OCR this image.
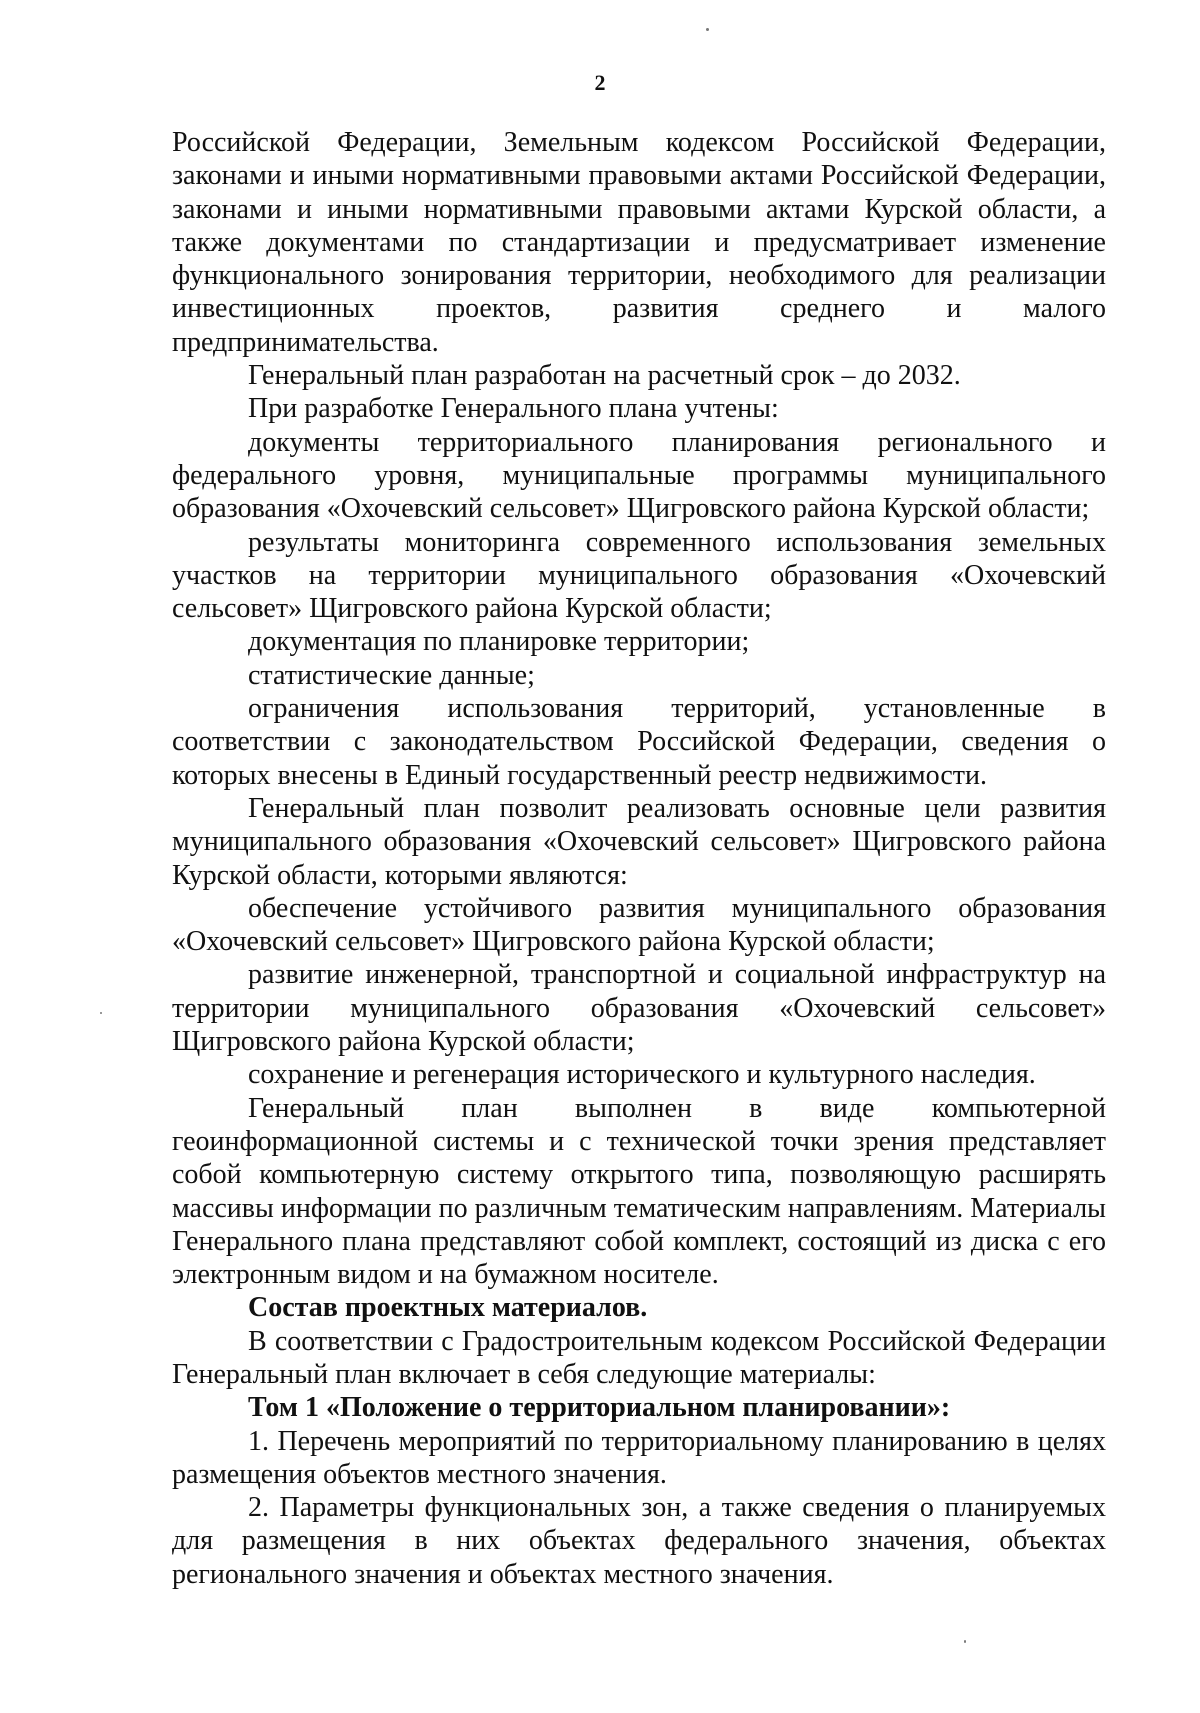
2

Российской Федерации, Земельным кодексом Российской Федерации, законами и иными нормативными правовыми актами Российской Федерации, законами и иными нормативными правовыми актами Курской области, а также документами по стандартизации и предусматривает изменение функционального зонирования территории, необходимого для реализации инвестиционных проектов, развития среднего и малого предпринимательства.

Генеральный план разработан на расчетный срок – до 2032.

При разработке Генерального плана учтены:

документы территориального планирования регионального и федерального уровня, муниципальные программы муниципального образования «Охочевский сельсовет» Щигровского района Курской области;

результаты мониторинга современного использования земельных участков на территории муниципального образования «Охочевский сельсовет» Щигровского района Курской области;

документация по планировке территории;

статистические данные;

ограничения использования территорий, установленные в соответствии с законодательством Российской Федерации, сведения о которых внесены в Единый государственный реестр недвижимости.

Генеральный план позволит реализовать основные цели развития муниципального образования «Охочевский сельсовет» Щигровского района Курской области, которыми являются:

обеспечение устойчивого развития муниципального образования «Охочевский сельсовет» Щигровского района Курской области;

развитие инженерной, транспортной и социальной инфраструктур на территории муниципального образования «Охочевский сельсовет» Щигровского района Курской области;

сохранение и регенерация исторического и культурного наследия.

Генеральный план выполнен в виде компьютерной геоинформационной системы и с технической точки зрения представляет собой компьютерную систему открытого типа, позволяющую расширять массивы информации по различным тематическим направлениям. Материалы Генерального плана представляют собой комплект, состоящий из диска с его электронным видом и на бумажном носителе.

Состав проектных материалов.

В соответствии с Градостроительным кодексом Российской Федерации Генеральный план включает в себя следующие материалы:

Том 1 «Положение о территориальном планировании»:

1. Перечень мероприятий по территориальному планированию в целях размещения объектов местного значения.

2. Параметры функциональных зон, а также сведения о планируемых для размещения в них объектах федерального значения, объектах регионального значения и объектах местного значения.
